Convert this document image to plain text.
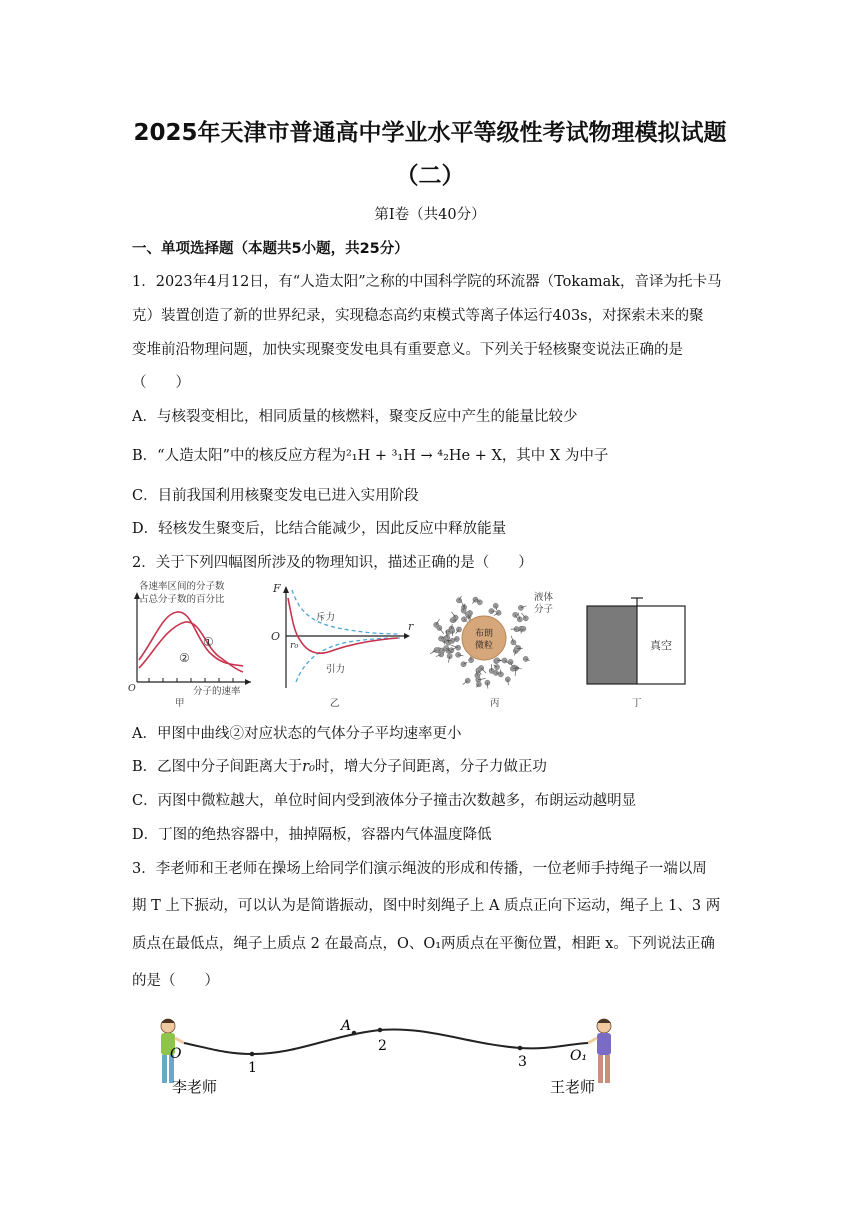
2025年天津市普通高中学业水平等级性考试物理模拟试题
（二）
第Ⅰ卷（共40分）
一、单项选择题（本题共5小题，共25分）
1．2023年4月12日，有“人造太阳”之称的中国科学院的环流器（Tokamak，音译为托卡马
克）装置创造了新的世界纪录，实现稳态高约束模式等离子体运行403s，对探索未来的聚
变堆前沿物理问题，加快实现聚变发电具有重要意义。下列关于轻核聚变说法正确的是
（　　）
A．与核裂变相比，相同质量的核燃料，聚变反应中产生的能量比较少
B．“人造太阳”中的核反应方程为²₁H + ³₁H → ⁴₂He + X，其中 X 为中子
C．目前我国利用核聚变发电已进入实用阶段
D．轻核发生聚变后，比结合能减少，因此反应中释放能量
2．关于下列四幅图所涉及的物理知识，描述正确的是（　　）
各速率区间的分子数
占总分子数的百分比
O
①
②
分子的速率
甲
F
O
r
r₀
斥力
引力
乙
布朗
微粒
液体
分子
丙
真空
丁
A．甲图中曲线②对应状态的气体分子平均速率更小
B．乙图中分子间距离大于r₀时，增大分子间距离，分子力做正功
C．丙图中微粒越大，单位时间内受到液体分子撞击次数越多，布朗运动越明显
D．丁图的绝热容器中，抽掉隔板，容器内气体温度降低
3．李老师和王老师在操场上给同学们演示绳波的形成和传播，一位老师手持绳子一端以周
期 T 上下振动，可以认为是简谐振动，图中时刻绳子上 A 质点正向下运动，绳子上 1、3 两
质点在最低点，绳子上质点 2 在最高点，O、O₁两质点在平衡位置，相距 x。下列说法正确
的是（　　）
O	O₁
A
1
2
3
李老师	王老师
